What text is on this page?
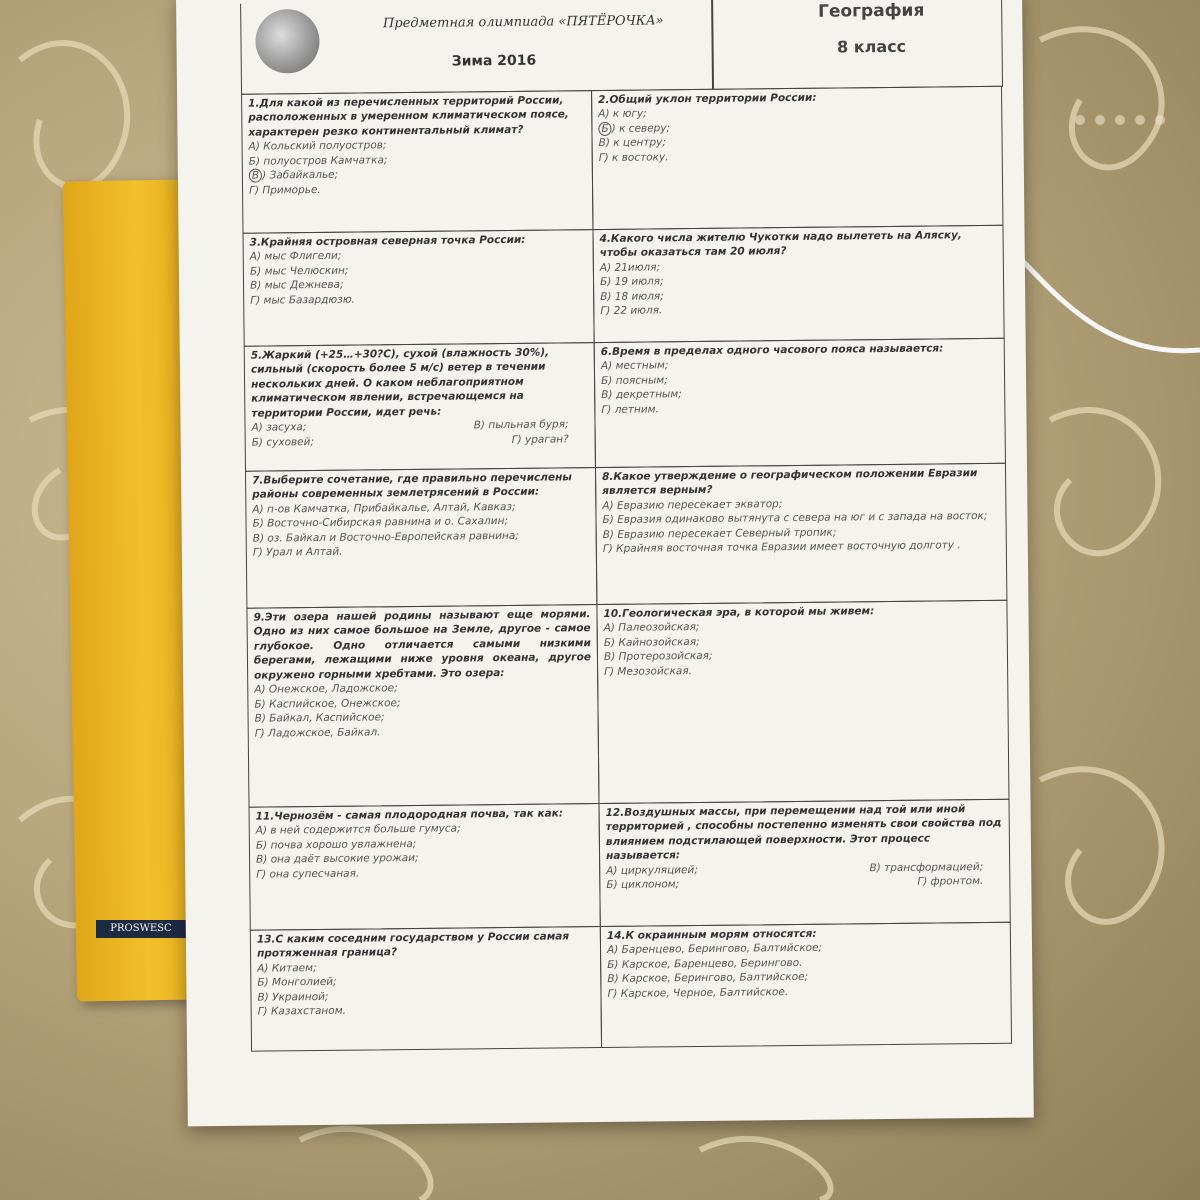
PROSWESC
Предметная олимпиада «ПЯТЁРОЧКА»
Зима 2016
География
8 класс
1.Для какой из перечисленных территорий России, расположенных в умеренном климатическом поясе, характерен резко континентальный климат?
А) Кольский полуостров;
Б) полуостров Камчатка;
В ) Забайкалье;
Г) Приморье.
2.Общий уклон территории России:
А) к югу;
Б ) к северу;
В) к центру;
Г) к востоку.
3.Крайняя островная северная точка России:
А) мыс Флигели;
Б) мыс Челюскин;
В) мыс Дежнева;
Г) мыс Базардюзю.
4.Какого числа жителю Чукотки надо вылететь на Аляску, чтобы оказаться там 20 июля?
А) 21июля;
Б) 19 июля;
В) 18 июля;
Г) 22 июля.
5.Жаркий (+25…+30?С), сухой (влажность 30%), сильный (скорость более 5 м/с) ветер в течении нескольких дней. О каком неблагоприятном климатическом явлении, встречающемся на территории России, идет речь:
А) засуха;	В) пыльная буря;
Б) суховей;	Г) ураган?
6.Время в пределах одного часового пояса называется:
А) местным;
Б) поясным;
В) декретным;
Г) летним.
7.Выберите сочетание, где правильно перечислены районы современных землетрясений в России:
А) п-ов Камчатка, Прибайкалье, Алтай, Кавказ;
Б) Восточно-Сибирская равнина и о. Сахалин;
В) оз. Байкал и Восточно-Европейская равнина;
Г) Урал и Алтай.
8.Какое утверждение о географическом положении Евразии является верным?
А) Евразию пересекает экватор;
Б) Евразия одинаково вытянута с севера на юг и с запада на восток;
В) Евразию пересекает Северный тропик;
Г) Крайняя восточная точка Евразии имеет восточную долготу .
9.Эти озера нашей родины называют еще морями. Одно из них самое большое на Земле, другое - самое глубокое. Одно отличается самыми низкими берегами, лежащими ниже уровня океана, другое окружено горными хребтами. Это озера:
А) Онежское, Ладожское;
Б) Каспийское, Онежское;
В) Байкал, Каспийское;
Г) Ладожское, Байкал.
10.Геологическая эра, в которой мы живем:
А) Палеозойская;
Б) Кайнозойская;
В) Протерозойская;
Г) Мезозойская.
11.Чернозём - самая плодородная почва, так как:
А) в ней содержится больше гумуса;
Б) почва хорошо увлажнена;
В) она даёт высокие урожаи;
Г) она супесчаная.
12.Воздушных массы, при перемещении над той или иной территорией , способны постепенно изменять свои свойства под влиянием подстилающей поверхности. Этот процесс называется:
А) циркуляцией;	В) трансформацией;
Б) циклоном;	Г) фронтом.
13.С каким соседним государством у России самая протяженная граница?
А) Китаем;
Б) Монголией;
В) Украиной;
Г) Казахстаном.
14.К окраинным морям относятся:
А) Баренцево, Берингово, Балтийское;
Б) Карское, Баренцево, Берингово.
В) Карское, Берингово, Балтийское;
Г) Карское, Черное, Балтийское.
